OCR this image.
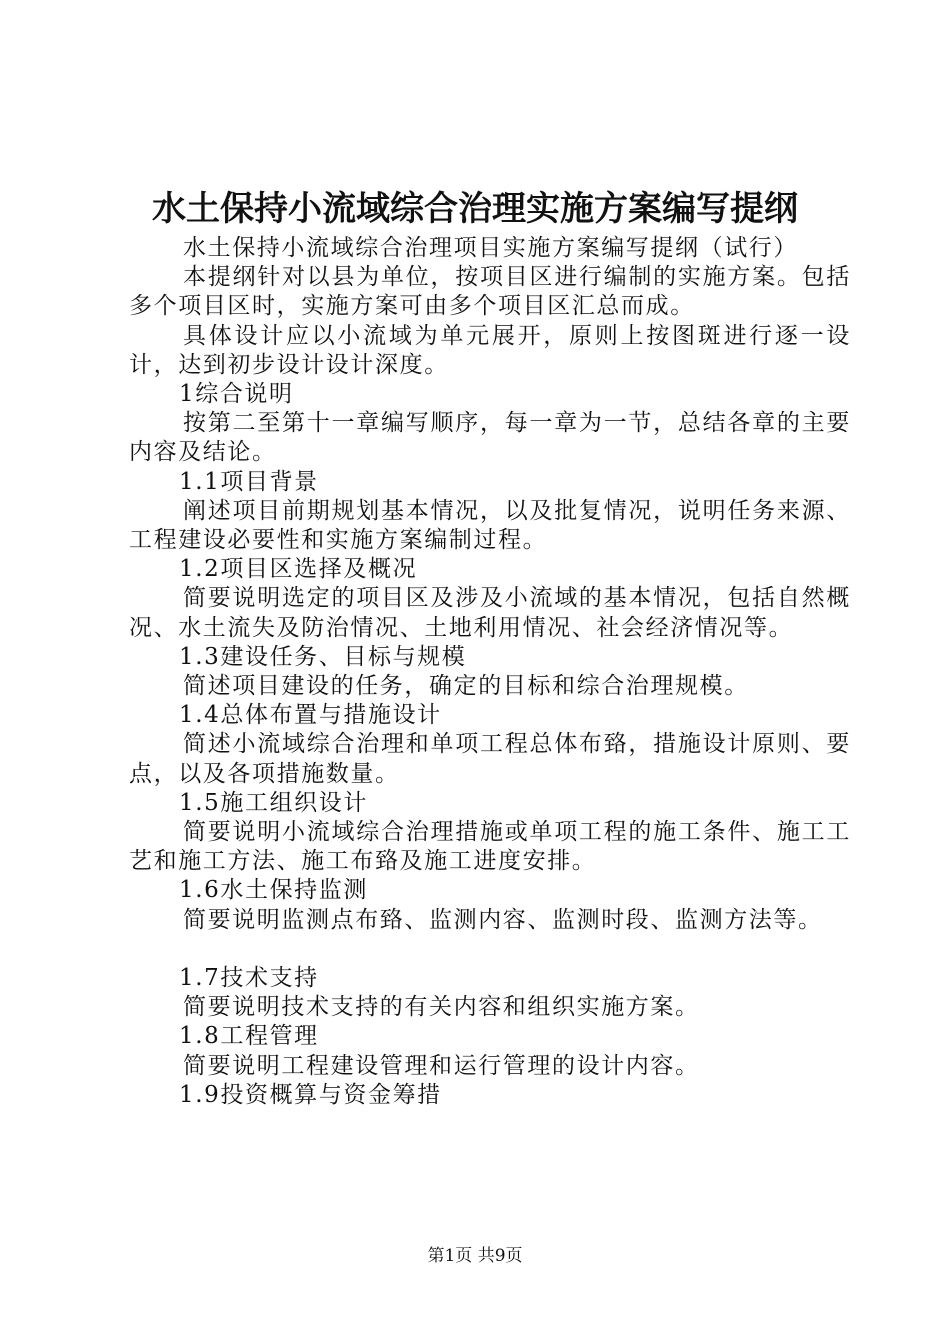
水土保持小流域综合治理实施方案编写提纲

水土保持小流域综合治理项目实施方案编写提纲（试行）

本提纲针对以县为单位，按项目区进行编制的实施方案。包括多个项目区时，实施方案可由多个项目区汇总而成。

具体设计应以小流域为单元展开，原则上按图斑进行逐一设计，达到初步设计设计深度。

1综合说明

按第二至第十一章编写顺序，每一章为一节，总结各章的主要内容及结论。

1.1项目背景

阐述项目前期规划基本情况，以及批复情况，说明任务来源、工程建设必要性和实施方案编制过程。

1.2项目区选择及概况

简要说明选定的项目区及涉及小流域的基本情况，包括自然概况、水土流失及防治情况、土地利用情况、社会经济情况等。

1.3建设任务、目标与规模

简述项目建设的任务，确定的目标和综合治理规模。

1.4总体布置与措施设计

简述小流域综合治理和单项工程总体布臵，措施设计原则、要点，以及各项措施数量。

1.5施工组织设计

简要说明小流域综合治理措施或单项工程的施工条件、施工工艺和施工方法、施工布臵及施工进度安排。

1.6水土保持监测

简要说明监测点布臵、监测内容、监测时段、监测方法等。

1.7技术支持

简要说明技术支持的有关内容和组织实施方案。

1.8工程管理

简要说明工程建设管理和运行管理的设计内容。

1.9投资概算与资金筹措

第1页 共9页
